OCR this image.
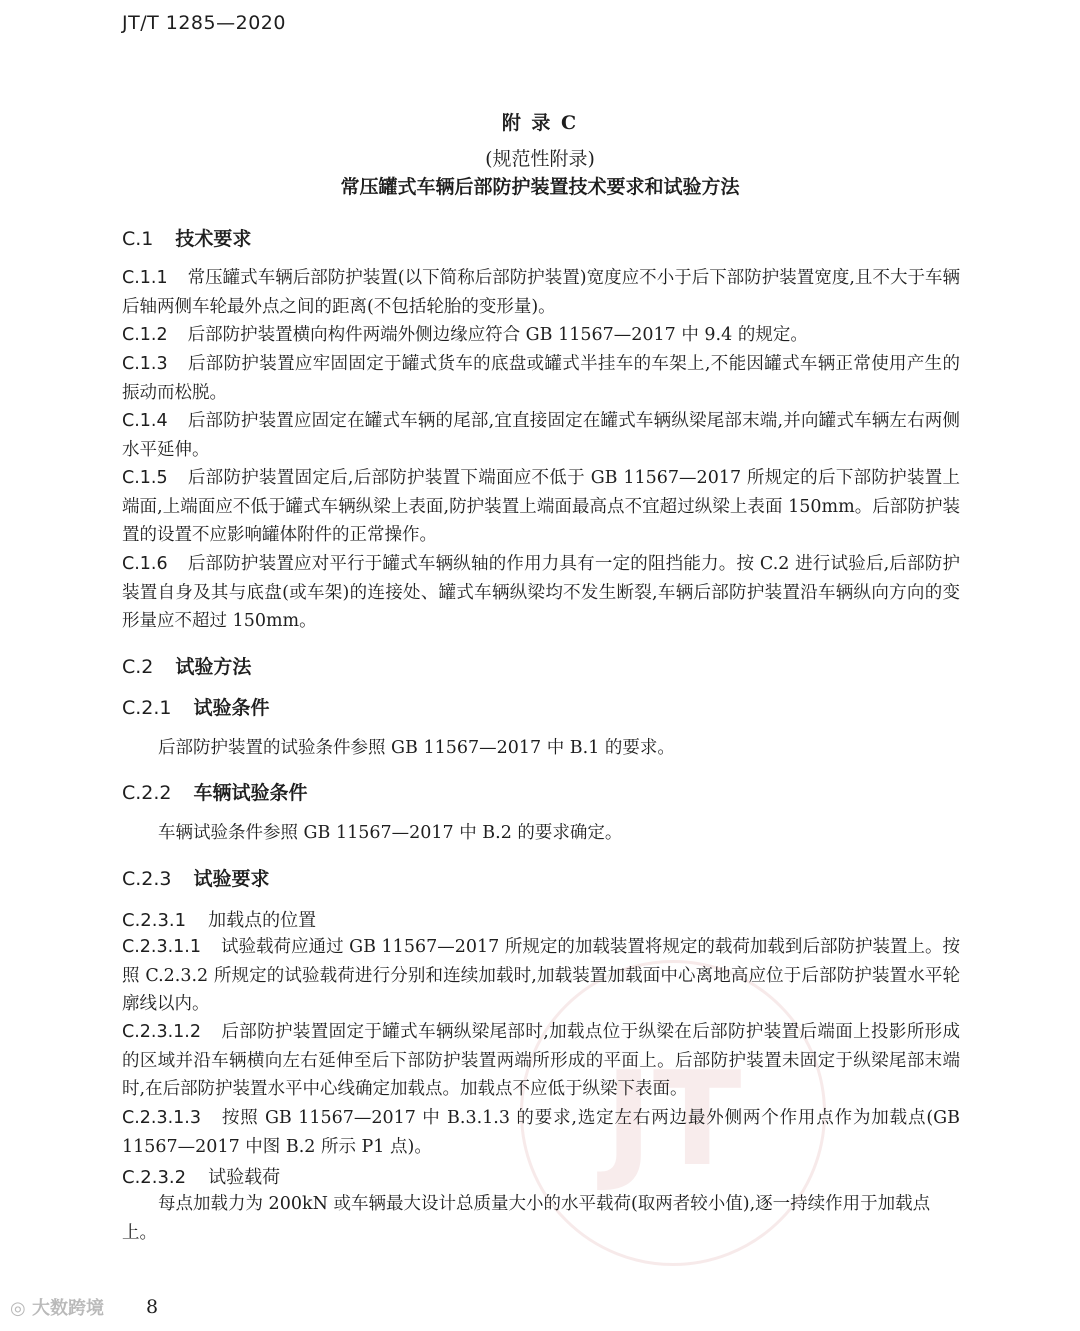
JT/T 1285—2020
JT
附 录 C
(规范性附录)
常压罐式车辆后部防护装置技术要求和试验方法
C.1 技术要求
C.1.1 常压罐式车辆后部防护装置(以下简称后部防护装置)宽度应不小于后下部防护装置宽度,且不大于车辆后轴两侧车轮最外点之间的距离(不包括轮胎的变形量)。
C.1.2 后部防护装置横向构件两端外侧边缘应符合 GB 11567—2017 中 9.4 的规定。
C.1.3 后部防护装置应牢固固定于罐式货车的底盘或罐式半挂车的车架上,不能因罐式车辆正常使用产生的振动而松脱。
C.1.4 后部防护装置应固定在罐式车辆的尾部,宜直接固定在罐式车辆纵梁尾部末端,并向罐式车辆左右两侧水平延伸。
C.1.5 后部防护装置固定后,后部防护装置下端面应不低于 GB 11567—2017 所规定的后下部防护装置上端面,上端面应不低于罐式车辆纵梁上表面,防护装置上端面最高点不宜超过纵梁上表面 150mm。后部防护装置的设置不应影响罐体附件的正常操作。
C.1.6 后部防护装置应对平行于罐式车辆纵轴的作用力具有一定的阻挡能力。按 C.2 进行试验后,后部防护装置自身及其与底盘(或车架)的连接处、罐式车辆纵梁均不发生断裂,车辆后部防护装置沿车辆纵向方向的变形量应不超过 150mm。
C.2 试验方法
C.2.1 试验条件
后部防护装置的试验条件参照 GB 11567—2017 中 B.1 的要求。
C.2.2 车辆试验条件
车辆试验条件参照 GB 11567—2017 中 B.2 的要求确定。
C.2.3 试验要求
C.2.3.1 加载点的位置
C.2.3.1.1 试验载荷应通过 GB 11567—2017 所规定的加载装置将规定的载荷加载到后部防护装置上。按照 C.2.3.2 所规定的试验载荷进行分别和连续加载时,加载装置加载面中心离地高应位于后部防护装置水平轮廓线以内。
C.2.3.1.2 后部防护装置固定于罐式车辆纵梁尾部时,加载点位于纵梁在后部防护装置后端面上投影所形成的区域并沿车辆横向左右延伸至后下部防护装置两端所形成的平面上。后部防护装置未固定于纵梁尾部末端时,在后部防护装置水平中心线确定加载点。加载点不应低于纵梁下表面。
C.2.3.1.3 按照 GB 11567—2017 中 B.3.1.3 的要求,选定左右两边最外侧两个作用点作为加载点(GB 11567—2017 中图 B.2 所示 P1 点)。
C.2.3.2 试验载荷
每点加载力为 200kN 或车辆最大设计总质量大小的水平载荷(取两者较小值),逐一持续作用于加载点上。
◎ 大数跨境 8
